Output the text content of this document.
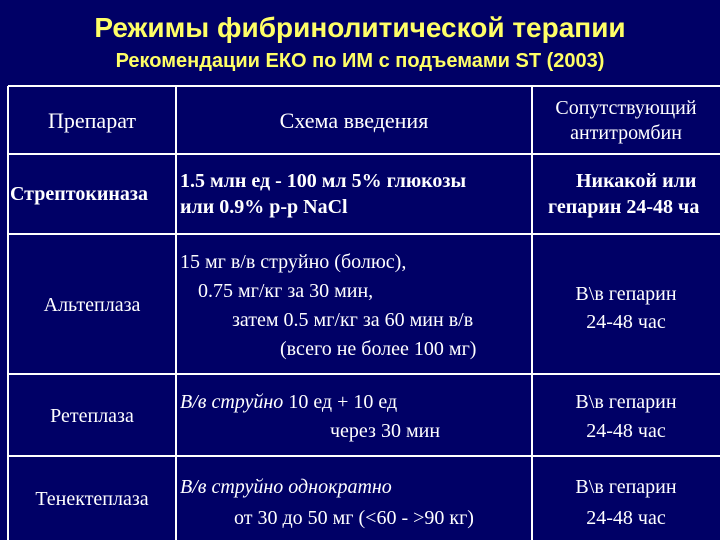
Режимы фибринолитической терапии
Рекомендации ЕКО по ИМ с подъемами ST (2003)
Препарат	Схема введения	Сопутствующий
антитромбин
Стрептокиназа
1.5 млн ед - 100 мл 5% глюкозы
или 0.9% р-р NaCl
Никакой или
гепарин 24-48 ча
Альтеплаза
15 мг в/в струйно (болюс),
0.75 мг/кг за 30 мин,
затем 0.5 мг/кг за 60 мин в/в
(всего не более 100 мг)
В\в гепарин
24-48 час
Ретеплаза
В/в струйно 10 ед + 10 ед
через 30 мин
В\в гепарин
24-48 час
Тенектеплаза
В/в струйно однократно
от 30 до 50 мг (<60 - >90 кг)
В\в гепарин
24-48 час
